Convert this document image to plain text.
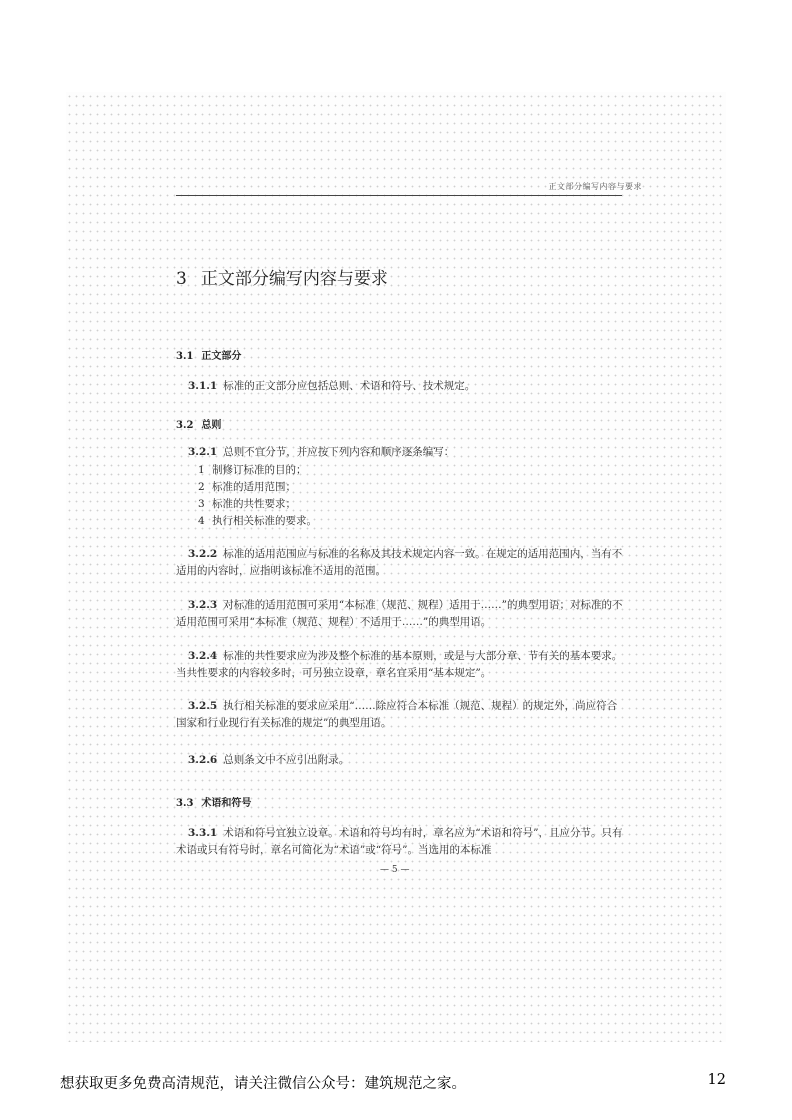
正文部分编写内容与要求
3 正文部分编写内容与要求
3.1 正文部分
3.1.1 标准的正文部分应包括总则、术语和符号、技术规定。
3.2 总则
3.2.1 总则不宜分节，并应按下列内容和顺序逐条编写：
1 制修订标准的目的；
2 标准的适用范围；
3 标准的共性要求；
4 执行相关标准的要求。
3.2.2 标准的适用范围应与标准的名称及其技术规定内容一致。在规定的适用范围内，当有不适用的内容时，应指明该标准不适用的范围。
3.2.3 对标准的适用范围可采用“本标准（规范、规程）适用于……”的典型用语；对标准的不适用范围可采用“本标准（规范、规程）不适用于……”的典型用语。
3.2.4 标准的共性要求应为涉及整个标准的基本原则，或是与大部分章、节有关的基本要求。当共性要求的内容较多时，可另独立设章，章名宜采用“基本规定”。
3.2.5 执行相关标准的要求应采用“……除应符合本标准（规范、规程）的规定外，尚应符合国家和行业现行有关标准的规定”的典型用语。
3.2.6 总则条文中不应引出附录。
3.3 术语和符号
3.3.1 术语和符号宜独立设章。术语和符号均有时，章名应为“术语和符号”，且应分节。只有术语或只有符号时，章名可简化为“术语”或“符号”。当选用的本标准
— 5 —
想获取更多免费高清规范，请关注微信公众号：建筑规范之家。	12
